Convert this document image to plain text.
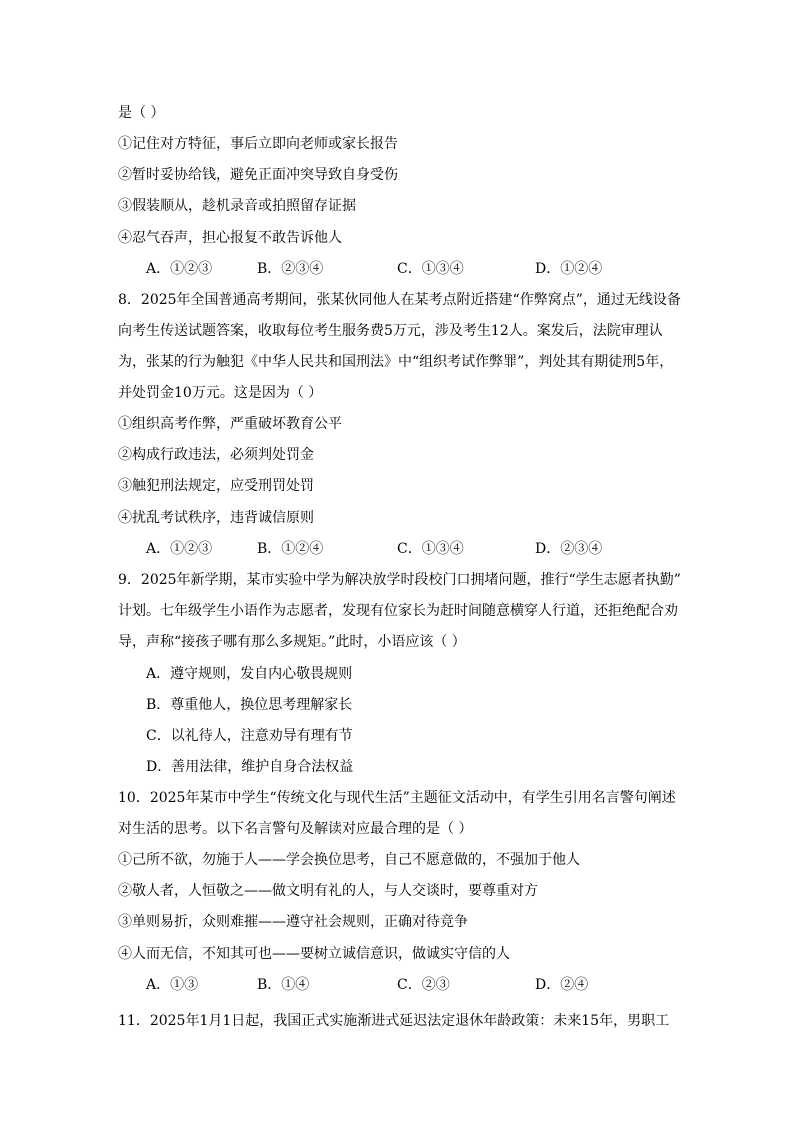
是（ ）
①记住对方特征，事后立即向老师或家长报告
②暂时妥协给钱，避免正面冲突导致自身受伤
③假装顺从，趁机录音或拍照留存证据
④忍气吞声，担心报复不敢告诉他人
A．①②③	B．②③④	C．①③④	D．①②④
8．2025年全国普通高考期间，张某伙同他人在某考点附近搭建“作弊窝点”，通过无线设备
向考生传送试题答案，收取每位考生服务费5万元，涉及考生12人。案发后，法院审理认
为，张某的行为触犯《中华人民共和国刑法》中“组织考试作弊罪”，判处其有期徒刑5年，
并处罚金10万元。这是因为（ ）
①组织高考作弊，严重破坏教育公平
②构成行政违法，必须判处罚金
③触犯刑法规定，应受刑罚处罚
④扰乱考试秩序，违背诚信原则
A．①②③	B．①②④	C．①③④	D．②③④
9．2025年新学期，某市实验中学为解决放学时段校门口拥堵问题，推行“学生志愿者执勤”
计划。七年级学生小语作为志愿者，发现有位家长为赶时间随意横穿人行道，还拒绝配合劝
导，声称“接孩子哪有那么多规矩。”此时，小语应该（ ）
A．遵守规则，发自内心敬畏规则
B．尊重他人，换位思考理解家长
C．以礼待人，注意劝导有理有节
D．善用法律，维护自身合法权益
10．2025年某市中学生“传统文化与现代生活”主题征文活动中，有学生引用名言警句阐述
对生活的思考。以下名言警句及解读对应最合理的是（ ）
①己所不欲，勿施于人——学会换位思考，自己不愿意做的，不强加于他人
②敬人者，人恒敬之——做文明有礼的人，与人交谈时，要尊重对方
③单则易折，众则难摧——遵守社会规则，正确对待竞争
④人而无信，不知其可也——要树立诚信意识，做诚实守信的人
A．①③	B．①④	C．②③	D．②④
11．2025年1月1日起，我国正式实施渐进式延迟法定退休年龄政策：未来15年，男职工
